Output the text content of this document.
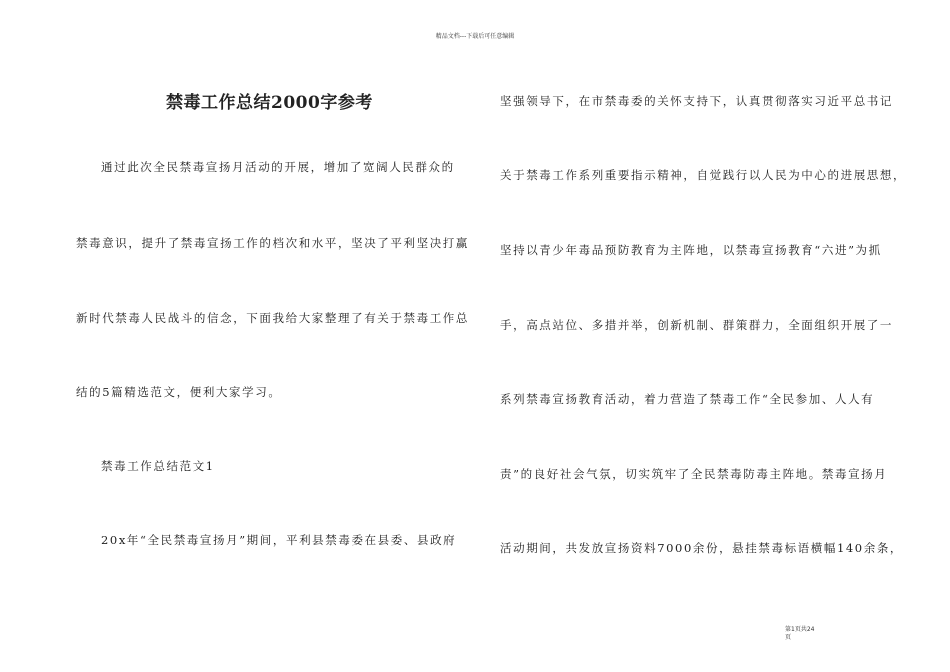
精品文档---下载后可任意编辑
禁毒工作总结2000字参考
通过此次全民禁毒宣扬月活动的开展，增加了宽阔人民群众的
禁毒意识，提升了禁毒宣扬工作的档次和水平，坚决了平利坚决打赢
新时代禁毒人民战斗的信念，下面我给大家整理了有关于禁毒工作总
结的5篇精选范文，便利大家学习。
禁毒工作总结范文1
20x年“全民禁毒宣扬月”期间，平利县禁毒委在县委、县政府
坚强领导下，在市禁毒委的关怀支持下，认真贯彻落实习近平总书记
关于禁毒工作系列重要指示精神，自觉践行以人民为中心的进展思想，
坚持以青少年毒品预防教育为主阵地，以禁毒宣扬教育“六进”为抓
手，高点站位、多措并举，创新机制、群策群力，全面组织开展了一
系列禁毒宣扬教育活动，着力营造了禁毒工作“全民参加、人人有
责”的良好社会气氛，切实筑牢了全民禁毒防毒主阵地。禁毒宣扬月
活动期间，共发放宣扬资料7000余份，悬挂禁毒标语横幅140余条，
第1页共24
页
